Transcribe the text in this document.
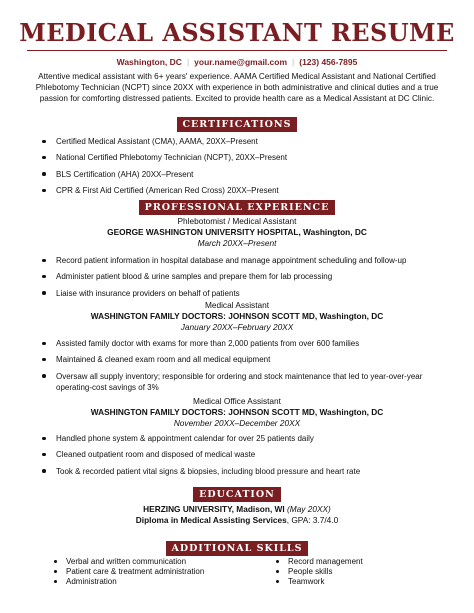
MEDICAL ASSISTANT RESUME
Washington, DC | your.name@gmail.com | (123) 456-7895
Attentive medical assistant with 6+ years' experience. AAMA Certified Medical Assistant and National Certified Phlebotomy Technician (NCPT) since 20XX with experience in both administrative and clinical duties and a true passion for comforting distressed patients. Excited to provide health care as a Medical Assistant at DC Clinic.
CERTIFICATIONS
Certified Medical Assistant (CMA), AAMA, 20XX–Present
National Certified Phlebotomy Technician (NCPT), 20XX–Present
BLS Certification (AHA) 20XX–Present
CPR & First Aid Certified (American Red Cross) 20XX–Present
PROFESSIONAL EXPERIENCE
Phlebotomist / Medical Assistant
GEORGE WASHINGTON UNIVERSITY HOSPITAL, Washington, DC
March 20XX–Present
Record patient information in hospital database and manage appointment scheduling and follow-up
Administer patient blood & urine samples and prepare them for lab processing
Liaise with insurance providers on behalf of patients
Medical Assistant
WASHINGTON FAMILY DOCTORS: JOHNSON SCOTT MD, Washington, DC
January 20XX–February 20XX
Assisted family doctor with exams for more than 2,000 patients from over 600 families
Maintained & cleaned exam room and all medical equipment
Oversaw all supply inventory; responsible for ordering and stock maintenance that led to year-over-year operating-cost savings of 3%
Medical Office Assistant
WASHINGTON FAMILY DOCTORS: JOHNSON SCOTT MD, Washington, DC
November 20XX–December 20XX
Handled phone system & appointment calendar for over 25 patients daily
Cleaned outpatient room and disposed of medical waste
Took & recorded patient vital signs & biopsies, including blood pressure and heart rate
EDUCATION
HERZING UNIVERSITY, Madison, WI (May 20XX)
Diploma in Medical Assisting Services, GPA: 3.7/4.0
ADDITIONAL SKILLS
Verbal and written communication
Patient care & treatment administration
Administration
Record management
People skills
Teamwork
